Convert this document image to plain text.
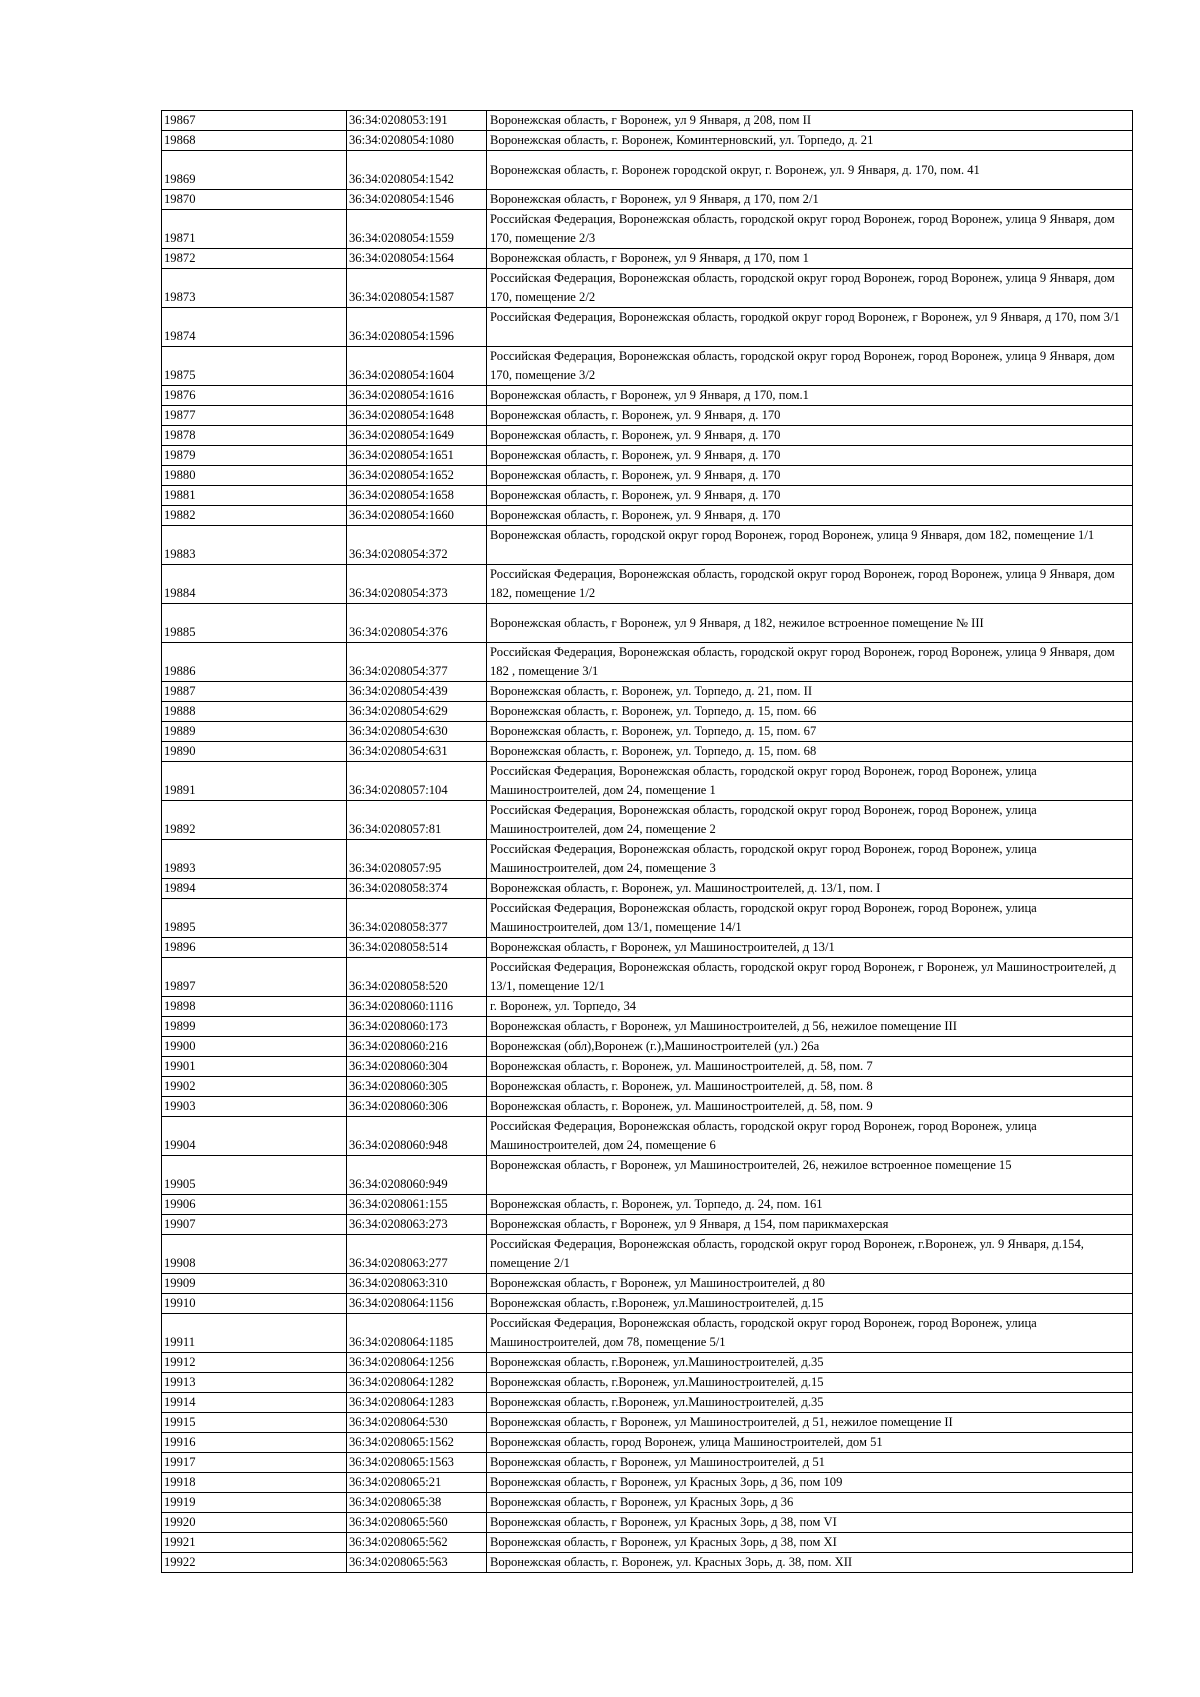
19867	36:34:0208053:191	Воронежская область, г Воронеж, ул 9 Января, д 208, пом II
19868	36:34:0208054:1080	Воронежская область, г. Воронеж, Коминтерновский, ул. Торпедо, д. 21
19869	36:34:0208054:1542	Воронежская область, г. Воронеж городской округ, г. Воронеж, ул. 9 Января, д. 170, пом. 41
19870	36:34:0208054:1546	Воронежская область, г Воронеж, ул 9 Января, д 170, пом 2/1
19871	36:34:0208054:1559	Российская Федерация, Воронежская область, городской округ город Воронеж, город Воронеж, улица 9 Января, дом 170, помещение 2/3
19872	36:34:0208054:1564	Воронежская область, г Воронеж, ул 9 Января, д 170, пом 1
19873	36:34:0208054:1587	Российская Федерация, Воронежская область, городской округ город Воронеж, город Воронеж, улица 9 Января, дом 170, помещение 2/2
19874	36:34:0208054:1596	Российская Федерация, Воронежская область, городкой округ город Воронеж, г Воронеж, ул 9 Января, д 170, пом 3/1
19875	36:34:0208054:1604	Российская Федерация, Воронежская область, городской округ город Воронеж, город Воронеж, улица 9 Января, дом 170, помещение 3/2
19876	36:34:0208054:1616	Воронежская область, г Воронеж, ул 9 Января, д 170, пом.1
19877	36:34:0208054:1648	Воронежская область, г. Воронеж, ул. 9 Января, д. 170
19878	36:34:0208054:1649	Воронежская область, г. Воронеж, ул. 9 Января, д. 170
19879	36:34:0208054:1651	Воронежская область, г. Воронеж, ул. 9 Января, д. 170
19880	36:34:0208054:1652	Воронежская область, г. Воронеж, ул. 9 Января, д. 170
19881	36:34:0208054:1658	Воронежская область, г. Воронеж, ул. 9 Января, д. 170
19882	36:34:0208054:1660	Воронежская область, г. Воронеж, ул. 9 Января, д. 170
19883	36:34:0208054:372	Воронежская область, городской округ город Воронеж, город Воронеж, улица 9 Января, дом 182, помещение 1/1
19884	36:34:0208054:373	Российская Федерация, Воронежская область, городской округ город Воронеж, город Воронеж, улица 9 Января, дом 182, помещение 1/2
19885	36:34:0208054:376	Воронежская область, г Воронеж, ул 9 Января, д 182, нежилое встроенное помещение № III
19886	36:34:0208054:377	Российская Федерация, Воронежская область, городской округ город Воронеж, город Воронеж, улица 9 Января, дом 182 , помещение 3/1
19887	36:34:0208054:439	Воронежская область, г. Воронеж, ул. Торпедо, д. 21, пом. II
19888	36:34:0208054:629	Воронежская область, г. Воронеж, ул. Торпедо, д. 15, пом. 66
19889	36:34:0208054:630	Воронежская область, г. Воронеж, ул. Торпедо, д. 15, пом. 67
19890	36:34:0208054:631	Воронежская область, г. Воронеж, ул. Торпедо, д. 15, пом. 68
19891	36:34:0208057:104	Российская Федерация, Воронежская область, городской округ город Воронеж, город Воронеж, улица Машиностроителей, дом 24, помещение 1
19892	36:34:0208057:81	Российская Федерация, Воронежская область, городской округ город Воронеж, город Воронеж, улица Машиностроителей, дом 24, помещение 2
19893	36:34:0208057:95	Российская Федерация, Воронежская область, городской округ город Воронеж, город Воронеж, улица Машиностроителей, дом 24, помещение 3
19894	36:34:0208058:374	Воронежская область, г. Воронеж, ул. Машиностроителей, д. 13/1, пом. I
19895	36:34:0208058:377	Российская Федерация, Воронежская область, городской округ город Воронеж, город Воронеж, улица Машиностроителей, дом 13/1, помещение 14/1
19896	36:34:0208058:514	Воронежская область, г Воронеж, ул Машиностроителей, д 13/1
19897	36:34:0208058:520	Российская Федерация, Воронежская область, городской округ город Воронеж, г Воронеж, ул Машиностроителей, д 13/1, помещение 12/1
19898	36:34:0208060:1116	г. Воронеж, ул. Торпедо, 34
19899	36:34:0208060:173	Воронежская область, г Воронеж, ул Машиностроителей, д 56, нежилое помещение III
19900	36:34:0208060:216	Воронежская (обл),Воронеж (г.),Машиностроителей (ул.) 26а
19901	36:34:0208060:304	Воронежская область, г. Воронеж, ул. Машиностроителей, д. 58, пом. 7
19902	36:34:0208060:305	Воронежская область, г. Воронеж, ул. Машиностроителей, д. 58, пом. 8
19903	36:34:0208060:306	Воронежская область, г. Воронеж, ул. Машиностроителей, д. 58, пом. 9
19904	36:34:0208060:948	Российская Федерация, Воронежская область, городской округ город Воронеж, город Воронеж, улица Машиностроителей, дом 24, помещение 6
19905	36:34:0208060:949	Воронежская область, г Воронеж, ул Машиностроителей, 26, нежилое встроенное помещение 15
19906	36:34:0208061:155	Воронежская область, г. Воронеж, ул. Торпедо, д. 24, пом. 161
19907	36:34:0208063:273	Воронежская область, г Воронеж, ул 9 Января, д 154, пом парикмахерская
19908	36:34:0208063:277	Российская Федерация, Воронежская область, городской округ город Воронеж, г.Воронеж, ул. 9 Января, д.154, помещение 2/1
19909	36:34:0208063:310	Воронежская область, г Воронеж, ул Машиностроителей, д 80
19910	36:34:0208064:1156	Воронежская область, г.Воронеж, ул.Машиностроителей, д.15
19911	36:34:0208064:1185	Российская Федерация, Воронежская область, городской округ город Воронеж, город Воронеж, улица Машиностроителей, дом 78, помещение 5/1
19912	36:34:0208064:1256	Воронежская область, г.Воронеж, ул.Машиностроителей, д.35
19913	36:34:0208064:1282	Воронежская область, г.Воронеж, ул.Машиностроителей, д.15
19914	36:34:0208064:1283	Воронежская область, г.Воронеж, ул.Машиностроителей, д.35
19915	36:34:0208064:530	Воронежская область, г Воронеж, ул Машиностроителей, д 51, нежилое помещение II
19916	36:34:0208065:1562	Воронежская область, город Воронеж, улица Машиностроителей, дом 51
19917	36:34:0208065:1563	Воронежская область, г Воронеж, ул Машиностроителей, д 51
19918	36:34:0208065:21	Воронежская область, г Воронеж, ул Красных Зорь, д 36, пом 109
19919	36:34:0208065:38	Воронежская область, г Воронеж, ул Красных Зорь, д 36
19920	36:34:0208065:560	Воронежская область, г Воронеж, ул Красных Зорь, д 38, пом VI
19921	36:34:0208065:562	Воронежская область, г Воронеж, ул Красных Зорь, д 38, пом XI
19922	36:34:0208065:563	Воронежская область, г. Воронеж, ул. Красных Зорь, д. 38, пом. XII
